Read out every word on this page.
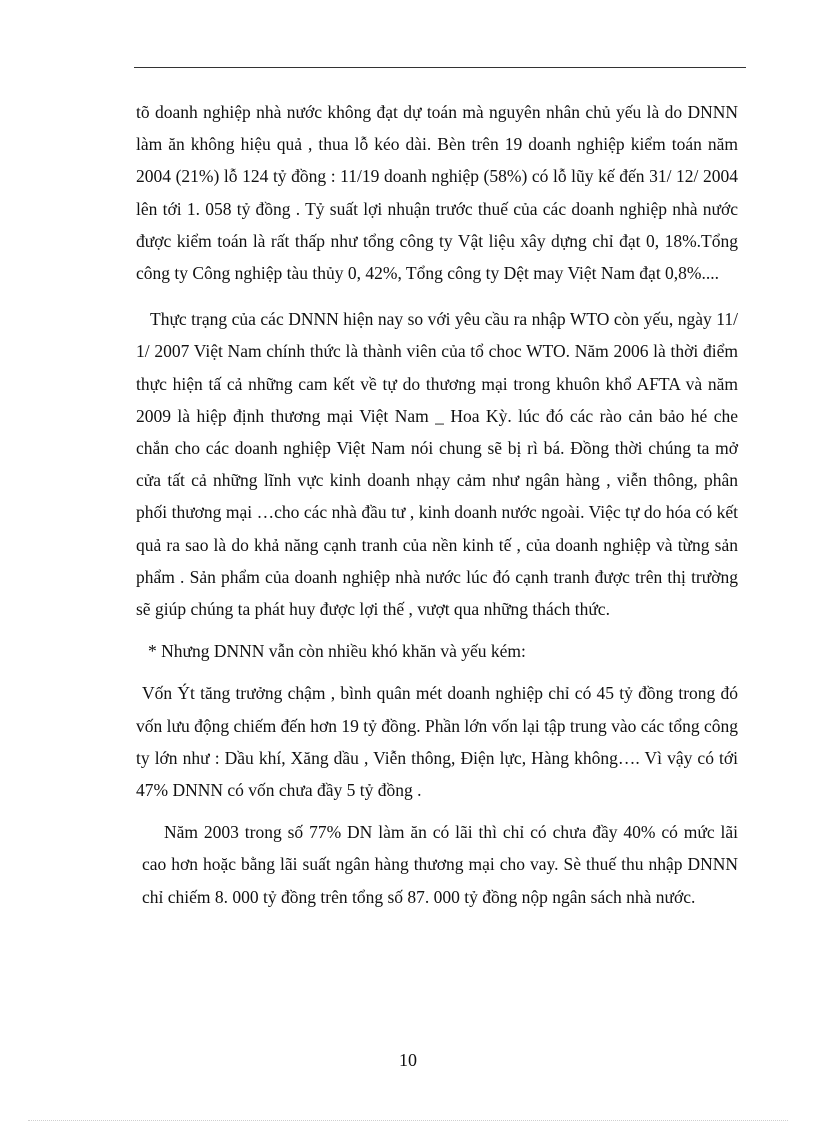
tõ doanh nghiệp nhà nước không đạt dự toán mà nguyên nhân chủ yếu là do DNNN làm ăn không hiệu quả , thua lỗ kéo dài. Bèn trên 19 doanh nghiệp kiểm toán năm 2004 (21%) lỗ 124 tỷ đồng : 11/19 doanh nghiệp (58%) có lỗ lũy kế đến 31/ 12/ 2004 lên tới 1. 058 tỷ đồng . Tỷ suất lợi nhuận trước thuế của các doanh nghiệp nhà nước được kiểm toán là rất thấp như tổng công ty Vật liệu xây dựng chỉ đạt 0, 18%.Tổng công ty Công nghiệp tàu thủy 0, 42%, Tổng công ty Dệt may Việt Nam đạt 0,8%....

Thực trạng của các DNNN hiện nay so với yêu cầu ra nhập WTO còn yếu, ngày 11/ 1/ 2007 Việt Nam chính thức là thành viên của tổ choc WTO. Năm 2006 là thời điểm thực hiện tấ cả những cam kết về tự do thương mại trong khuôn khổ AFTA và năm 2009 là hiệp định thương mại Việt Nam _ Hoa Kỳ. lúc đó các rào cản bảo hé che chắn cho các doanh nghiệp Việt Nam nói chung sẽ bị rì bá. Đồng thời chúng ta mở cửa tất cả những lĩnh vực kinh doanh nhạy cảm như ngân hàng , viễn thông, phân phối thương mại …cho các nhà đầu tư , kinh doanh nước ngoài. Việc tự do hóa có kết quả ra sao là do khả năng cạnh tranh của nền kinh tế , của doanh nghiệp và từng sản phẩm . Sản phẩm của doanh nghiệp nhà nước lúc đó cạnh tranh được trên thị trường sẽ giúp chúng ta phát huy được lợi thế , vượt qua những thách thức.

* Nhưng DNNN vẫn còn nhiều khó khăn và yếu kém:

Vốn Ýt tăng trưởng chậm , bình quân mét doanh nghiệp chỉ có 45 tỷ đồng trong đó vốn lưu động chiếm đến hơn 19 tỷ đồng. Phần lớn vốn lại tập trung vào các tổng công ty lớn như : Dầu khí, Xăng dầu , Viễn thông, Điện lực, Hàng không…. Vì vậy có tới 47% DNNN có vốn chưa đầy 5 tỷ đồng .

Năm 2003 trong số 77% DN làm ăn có lãi thì chỉ có chưa đầy 40% có mức lãi cao hơn hoặc bằng lãi suất ngân hàng thương mại cho vay. Sè thuế thu nhập DNNN chỉ chiếm 8. 000 tỷ đồng trên tổng số 87. 000 tỷ đồng nộp ngân sách nhà nước.

10
